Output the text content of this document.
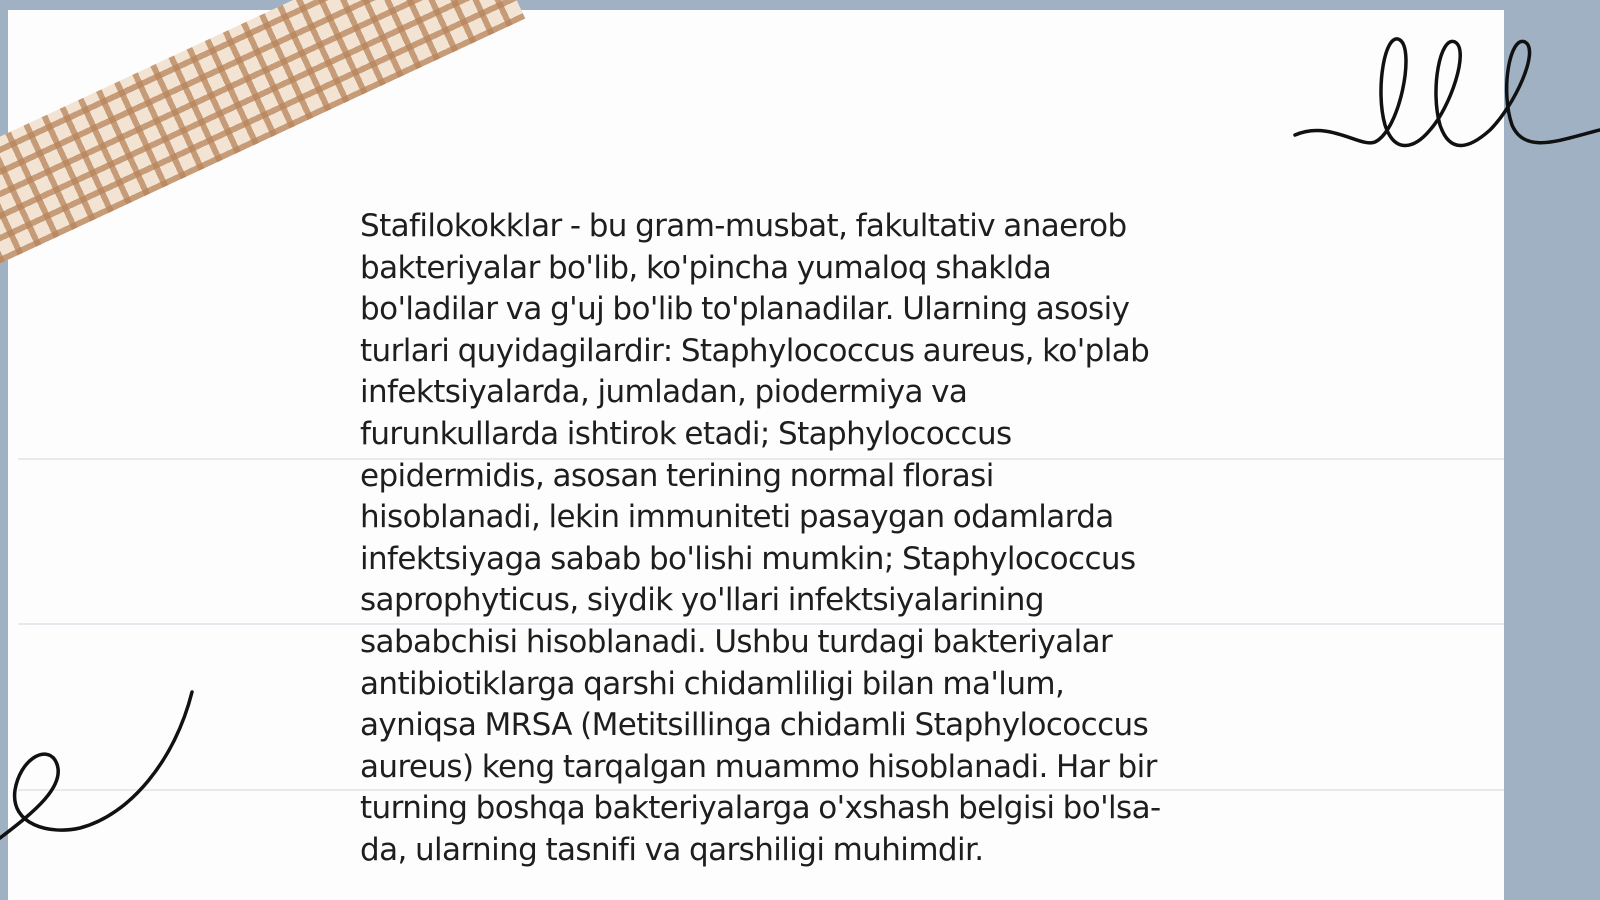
Stafilokokklar - bu gram-musbat, fakultativ anaerob
bakteriyalar bo'lib, ko'pincha yumaloq shaklda
bo'ladilar va g'uj bo'lib to'planadilar. Ularning asosiy
turlari quyidagilardir: Staphylococcus aureus, ko'plab
infektsiyalarda, jumladan, piodermiya va
furunkullarda ishtirok etadi; Staphylococcus
epidermidis, asosan terining normal florasi
hisoblanadi, lekin immuniteti pasaygan odamlarda
infektsiyaga sabab bo'lishi mumkin; Staphylococcus
saprophyticus, siydik yo'llari infektsiyalarining
sababchisi hisoblanadi. Ushbu turdagi bakteriyalar
antibiotiklarga qarshi chidamliligi bilan ma'lum,
ayniqsa MRSA (Metitsillinga chidamli Staphylococcus
aureus) keng tarqalgan muammo hisoblanadi. Har bir
turning boshqa bakteriyalarga o'xshash belgisi bo'lsa-
da, ularning tasnifi va qarshiligi muhimdir.
